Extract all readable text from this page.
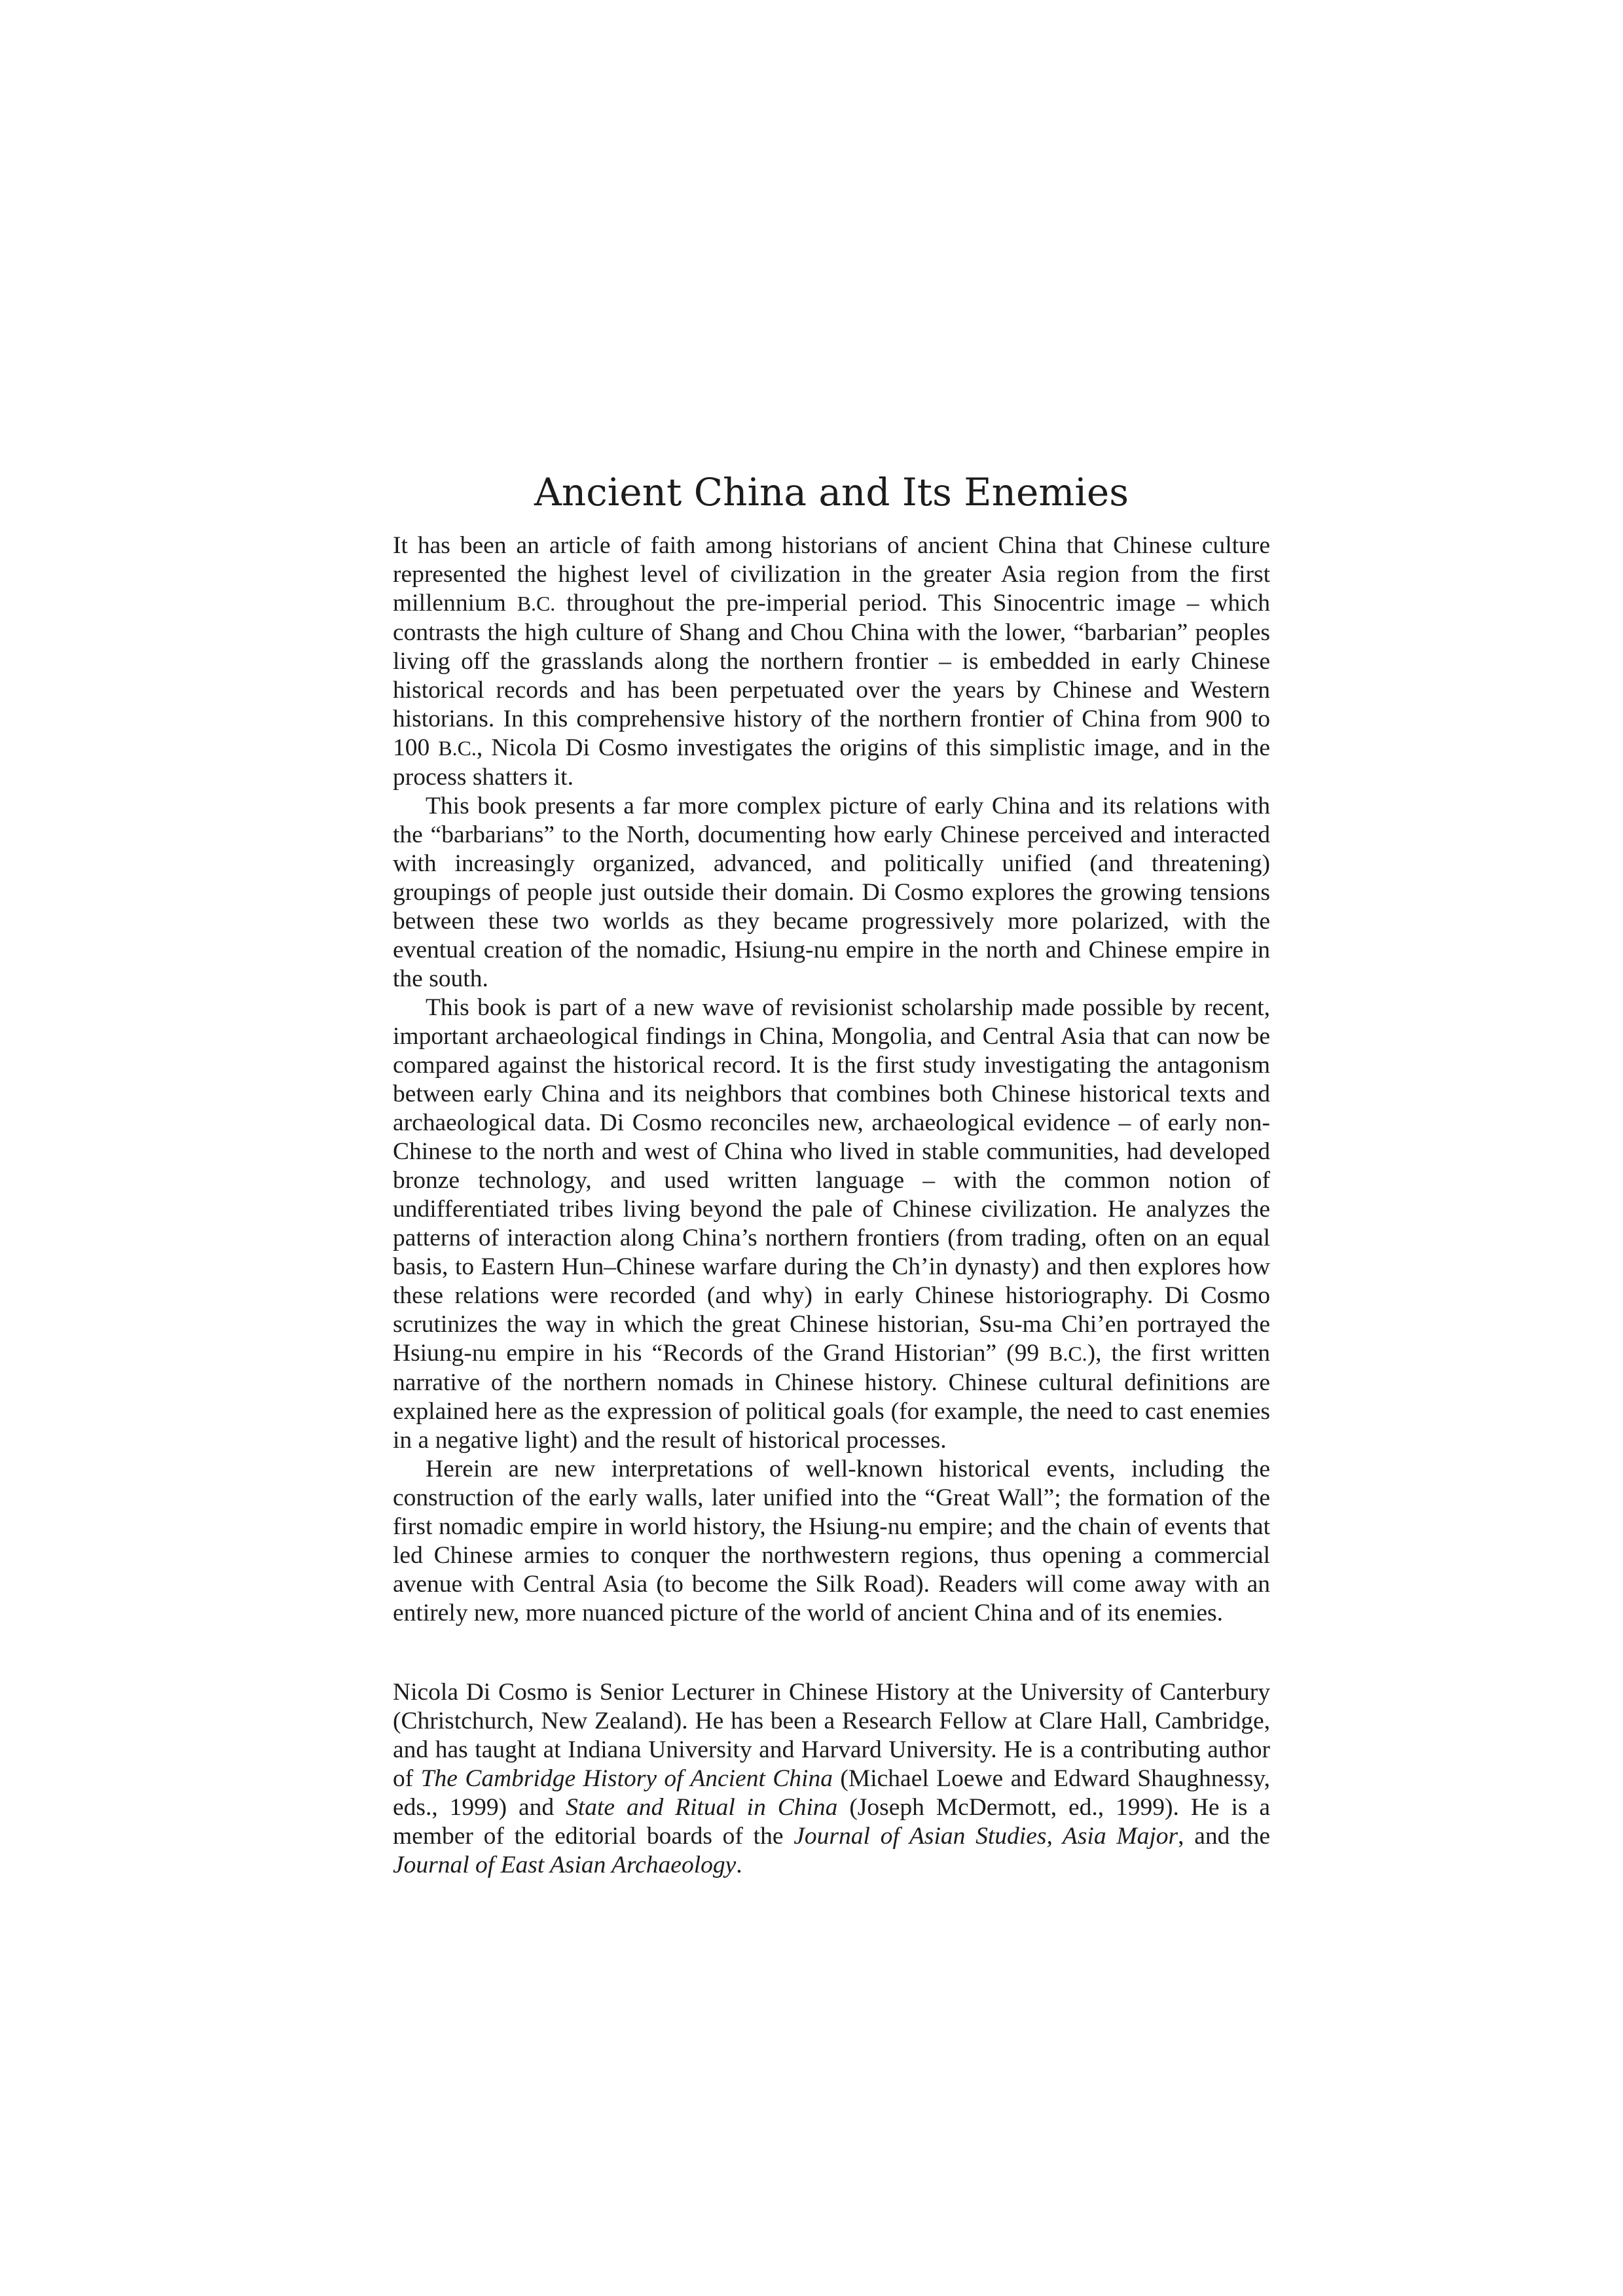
Ancient China and Its Enemies

It has been an article of faith among historians of ancient China that Chinese culture represented the highest level of civilization in the greater Asia region from the first millennium B.C. throughout the pre-imperial period. This Sinocentric image – which contrasts the high culture of Shang and Chou China with the lower, “barbarian” peoples living off the grasslands along the northern frontier – is embedded in early Chinese historical records and has been perpetuated over the years by Chinese and Western historians. In this comprehensive history of the northern frontier of China from 900 to 100 B.C., Nicola Di Cosmo investigates the origins of this simplistic image, and in the process shatters it.

This book presents a far more complex picture of early China and its relations with the “barbarians” to the North, documenting how early Chinese perceived and interacted with increasingly organized, advanced, and politically unified (and threatening) groupings of people just outside their domain. Di Cosmo explores the growing tensions between these two worlds as they became progressively more polarized, with the eventual creation of the nomadic, Hsiung-nu empire in the north and Chinese empire in the south.

This book is part of a new wave of revisionist scholarship made possible by recent, important archaeological findings in China, Mongolia, and Central Asia that can now be compared against the historical record. It is the first study investigating the antagonism between early China and its neighbors that combines both Chinese historical texts and archaeological data. Di Cosmo reconciles new, archaeological evidence – of early non-Chinese to the north and west of China who lived in stable communities, had developed bronze technology, and used written language – with the common notion of undifferentiated tribes living beyond the pale of Chinese civilization. He analyzes the patterns of interaction along China’s northern frontiers (from trading, often on an equal basis, to Eastern Hun–Chinese warfare during the Ch’in dynasty) and then explores how these relations were recorded (and why) in early Chinese historiography. Di Cosmo scrutinizes the way in which the great Chinese historian, Ssu-ma Chi’en portrayed the Hsiung-nu empire in his “Records of the Grand Historian” (99 B.C.), the first written narrative of the northern nomads in Chinese history. Chinese cultural definitions are explained here as the expression of political goals (for example, the need to cast enemies in a negative light) and the result of historical processes.

Herein are new interpretations of well-known historical events, including the construction of the early walls, later unified into the “Great Wall”; the formation of the first nomadic empire in world history, the Hsiung-nu empire; and the chain of events that led Chinese armies to conquer the northwestern regions, thus opening a commercial avenue with Central Asia (to become the Silk Road). Readers will come away with an entirely new, more nuanced picture of the world of ancient China and of its enemies.

Nicola Di Cosmo is Senior Lecturer in Chinese History at the University of Canterbury (Christchurch, New Zealand). He has been a Research Fellow at Clare Hall, Cambridge, and has taught at Indiana University and Harvard University. He is a contributing author of The Cambridge History of Ancient China (Michael Loewe and Edward Shaughnessy, eds., 1999) and State and Ritual in China (Joseph McDermott, ed., 1999). He is a member of the editorial boards of the Journal of Asian Studies, Asia Major, and the Journal of East Asian Archaeology.
